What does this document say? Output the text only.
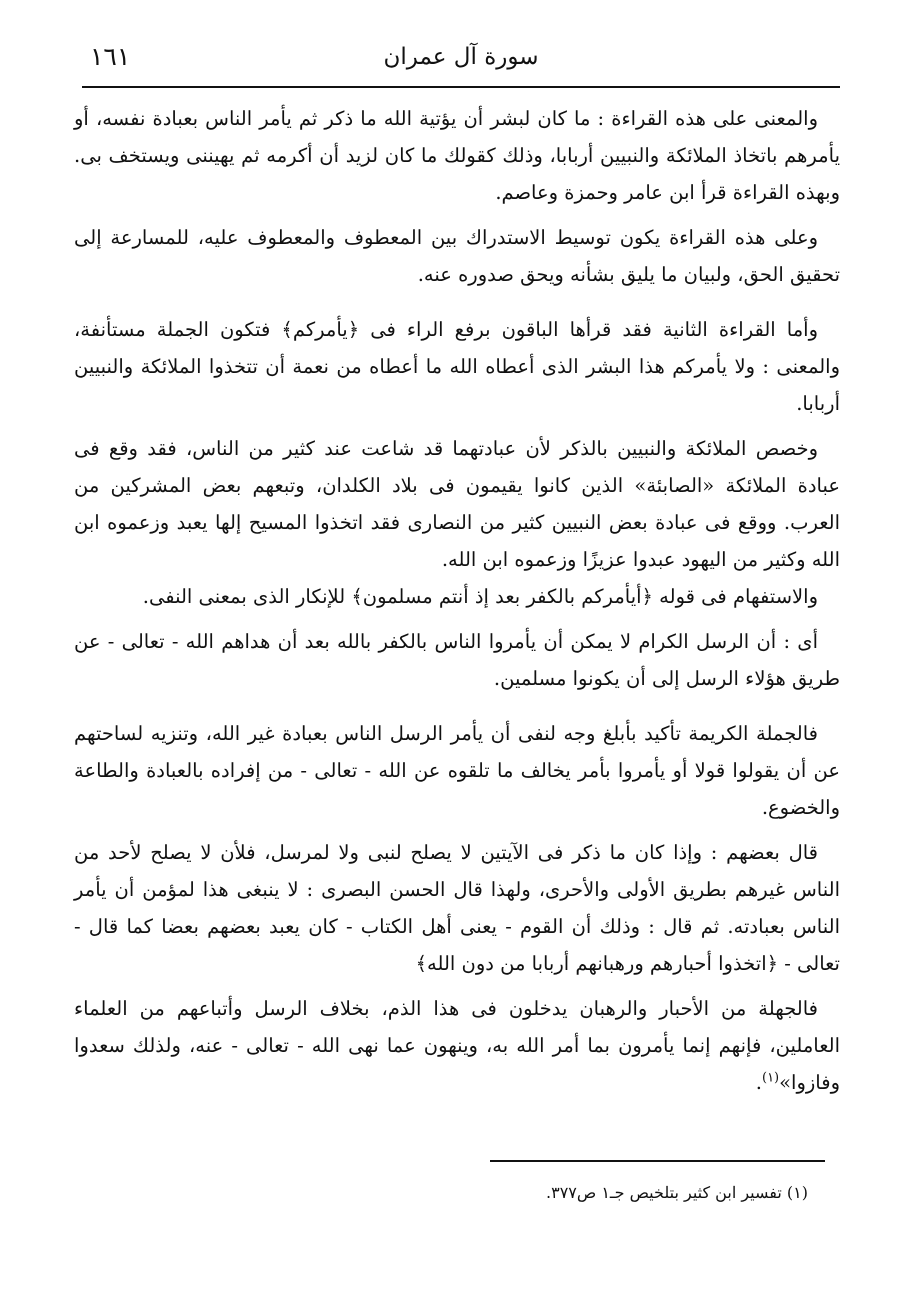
١٦١	سورة آل عمران

والمعنى على هذه القراءة : ما كان لبشر أن يؤتية الله ما ذكر ثم يأمر الناس بعبادة نفسه، أو يأمرهم باتخاذ الملائكة والنبيين أربابا، وذلك كقولك ما كان لزيد أن أكرمه ثم يهيننى ويستخف بى. وبهذه القراءة قرأ ابن عامر وحمزة وعاصم.

وعلى هذه القراءة يكون توسيط الاستدراك بين المعطوف والمعطوف عليه، للمسارعة إلى تحقيق الحق، ولبيان ما يليق بشأنه ويحق صدوره عنه.

وأما القراءة الثانية فقد قرأها الباقون برفع الراء فى ﴿يأمركم﴾ فتكون الجملة مستأنفة، والمعنى : ولا يأمركم هذا البشر الذى أعطاه الله ما أعطاه من نعمة أن تتخذوا الملائكة والنبيين أربابا.

وخصص الملائكة والنبيين بالذكر لأن عبادتهما قد شاعت عند كثير من الناس، فقد وقع فى عبادة الملائكة «الصابئة» الذين كانوا يقيمون فى بلاد الكلدان، وتبعهم بعض المشركين من العرب. ووقع فى عبادة بعض النبيين كثير من النصارى فقد اتخذوا المسيح إلها يعبد وزعموه ابن الله وكثير من اليهود عبدوا عزيزًا وزعموه ابن الله.

والاستفهام فى قوله ﴿أيأمركم بالكفر بعد إذ أنتم مسلمون﴾ للإنكار الذى بمعنى النفى.

أى : أن الرسل الكرام لا يمكن أن يأمروا الناس بالكفر بالله بعد أن هداهم الله - تعالى - عن طريق هؤلاء الرسل إلى أن يكونوا مسلمين.

فالجملة الكريمة تأكيد بأبلغ وجه لنفى أن يأمر الرسل الناس بعبادة غير الله، وتنزيه لساحتهم عن أن يقولوا قولا أو يأمروا بأمر يخالف ما تلقوه عن الله - تعالى - من إفراده بالعبادة والطاعة والخضوع.

قال بعضهم : وإذا كان ما ذكر فى الآيتين لا يصلح لنبى ولا لمرسل، فلأن لا يصلح لأحد من الناس غيرهم بطريق الأولى والأحرى، ولهذا قال الحسن البصرى : لا ينبغى هذا لمؤمن أن يأمر الناس بعبادته. ثم قال : وذلك أن القوم - يعنى أهل الكتاب - كان يعبد بعضهم بعضا كما قال - تعالى - ﴿اتخذوا أحبارهم ورهبانهم أربابا من دون الله﴾

فالجهلة من الأحبار والرهبان يدخلون فى هذا الذم، بخلاف الرسل وأتباعهم من العلماء العاملين، فإنهم إنما يأمرون بما أمر الله به، وينهون عما نهى الله - تعالى - عنه، ولذلك سعدوا وفازوا»$^{(١)}$.

(١) تفسير ابن كثير بتلخيص جـ١ ص٣٧٧.
